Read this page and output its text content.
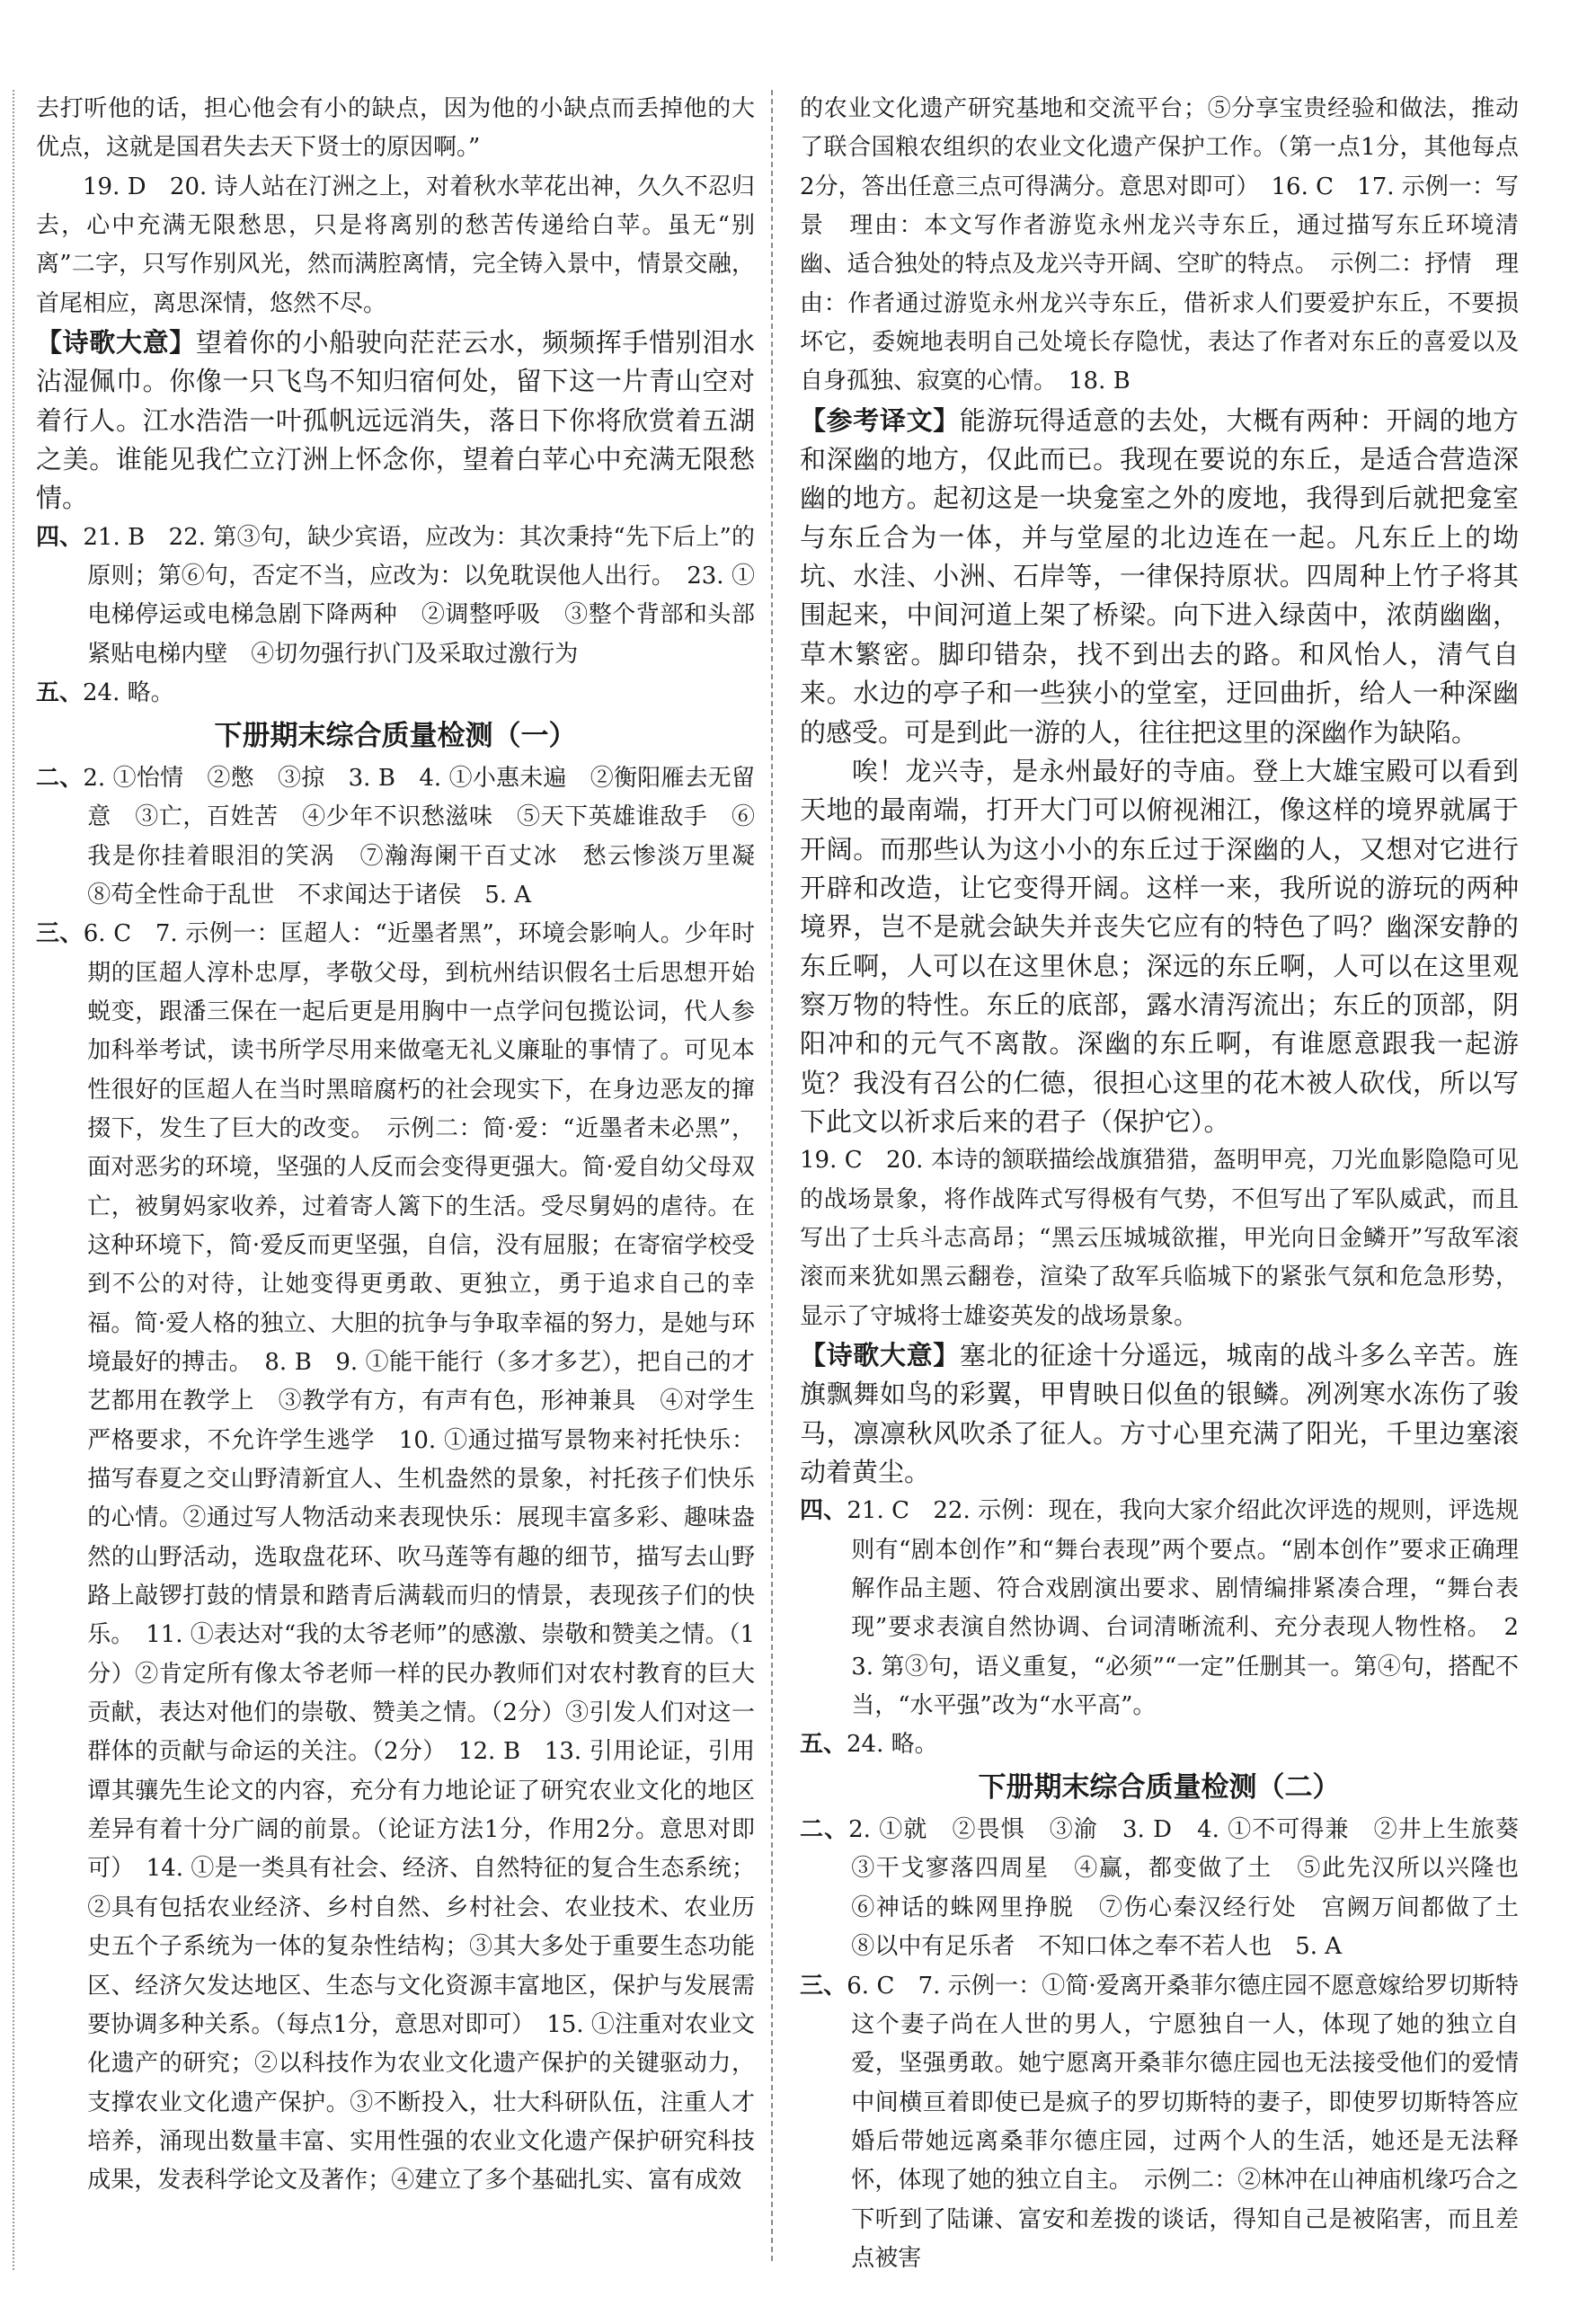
去打听他的话，担心他会有小的缺点，因为他的小缺点而丢掉他的大优点，这就是国君失去天下贤士的原因啊。”

19. D　20. 诗人站在汀洲之上，对着秋水苹花出神，久久不忍归去，心中充满无限愁思，只是将离别的愁苦传递给白苹。虽无“别离”二字，只写作别风光，然而满腔离情，完全铸入景中，情景交融，首尾相应，离思深情，悠然不尽。

【诗歌大意】望着你的小船驶向茫茫云水，频频挥手惜别泪水沾湿佩巾。你像一只飞鸟不知归宿何处，留下这一片青山空对着行人。江水浩浩一叶孤帆远远消失，落日下你将欣赏着五湖之美。谁能见我伫立汀洲上怀念你，望着白苹心中充满无限愁情。

四、21. B　22. 第③句，缺少宾语，应改为：其次秉持“先下后上”的原则；第⑥句，否定不当，应改为：以免耽误他人出行。　23. ①电梯停运或电梯急剧下降两种　②调整呼吸　③整个背部和头部紧贴电梯内壁　④切勿强行扒门及采取过激行为

五、24. 略。

下册期末综合质量检测（一）

二、2. ①怡情　②憋　③掠　3. B　4. ①小惠未遍　②衡阳雁去无留意　③亡，百姓苦　④少年不识愁滋味　⑤天下英雄谁敌手　⑥我是你挂着眼泪的笑涡　⑦瀚海阑干百丈冰　愁云惨淡万里凝　⑧苟全性命于乱世　不求闻达于诸侯　5. A

三、6. C　7. 示例一：匡超人：“近墨者黑”，环境会影响人。少年时期的匡超人淳朴忠厚，孝敬父母，到杭州结识假名士后思想开始蜕变，跟潘三保在一起后更是用胸中一点学问包揽讼词，代人参加科举考试，读书所学尽用来做毫无礼义廉耻的事情了。可见本性很好的匡超人在当时黑暗腐朽的社会现实下，在身边恶友的撺掇下，发生了巨大的改变。　示例二：简·爱：“近墨者未必黑”，面对恶劣的环境，坚强的人反而会变得更强大。简·爱自幼父母双亡，被舅妈家收养，过着寄人篱下的生活。受尽舅妈的虐待。在这种环境下，简·爱反而更坚强，自信，没有屈服；在寄宿学校受到不公的对待，让她变得更勇敢、更独立，勇于追求自己的幸福。简·爱人格的独立、大胆的抗争与争取幸福的努力，是她与环境最好的搏击。　8. B　9. ①能干能行（多才多艺），把自己的才艺都用在教学上　③教学有方，有声有色，形神兼具　④对学生严格要求，不允许学生逃学　10. ①通过描写景物来衬托快乐：描写春夏之交山野清新宜人、生机盎然的景象，衬托孩子们快乐的心情。②通过写人物活动来表现快乐：展现丰富多彩、趣味盎然的山野活动，选取盘花环、吹马莲等有趣的细节，描写去山野路上敲锣打鼓的情景和踏青后满载而归的情景，表现孩子们的快乐。　11. ①表达对“我的太爷老师”的感激、崇敬和赞美之情。（1分）②肯定所有像太爷老师一样的民办教师们对农村教育的巨大贡献，表达对他们的崇敬、赞美之情。（2分）③引发人们对这一群体的贡献与命运的关注。（2分）　12. B　13. 引用论证，引用谭其骧先生论文的内容，充分有力地论证了研究农业文化的地区差异有着十分广阔的前景。（论证方法1分，作用2分。意思对即可）　14. ①是一类具有社会、经济、自然特征的复合生态系统；②具有包括农业经济、乡村自然、乡村社会、农业技术、农业历史五个子系统为一体的复杂性结构；③其大多处于重要生态功能区、经济欠发达地区、生态与文化资源丰富地区，保护与发展需要协调多种关系。（每点1分，意思对即可）　15. ①注重对农业文化遗产的研究；②以科技作为农业文化遗产保护的关键驱动力，支撑农业文化遗产保护。③不断投入，壮大科研队伍，注重人才培养，涌现出数量丰富、实用性强的农业文化遗产保护研究科技成果，发表科学论文及著作；④建立了多个基础扎实、富有成效

的农业文化遗产研究基地和交流平台；⑤分享宝贵经验和做法，推动了联合国粮农组织的农业文化遗产保护工作。（第一点1分，其他每点2分，答出任意三点可得满分。意思对即可）　16. C　17. 示例一：写景　理由：本文写作者游览永州龙兴寺东丘，通过描写东丘环境清幽、适合独处的特点及龙兴寺开阔、空旷的特点。　示例二：抒情　理由：作者通过游览永州龙兴寺东丘，借祈求人们要爱护东丘，不要损坏它，委婉地表明自己处境长存隐忧，表达了作者对东丘的喜爱以及自身孤独、寂寞的心情。　18. B

【参考译文】能游玩得适意的去处，大概有两种：开阔的地方和深幽的地方，仅此而已。我现在要说的东丘，是适合营造深幽的地方。起初这是一块龛室之外的废地，我得到后就把龛室与东丘合为一体，并与堂屋的北边连在一起。凡东丘上的坳坑、水洼、小洲、石岸等，一律保持原状。四周种上竹子将其围起来，中间河道上架了桥梁。向下进入绿茵中，浓荫幽幽，草木繁密。脚印错杂，找不到出去的路。和风怡人，清气自来。水边的亭子和一些狭小的堂室，迂回曲折，给人一种深幽的感受。可是到此一游的人，往往把这里的深幽作为缺陷。

唉！龙兴寺，是永州最好的寺庙。登上大雄宝殿可以看到天地的最南端，打开大门可以俯视湘江，像这样的境界就属于开阔。而那些认为这小小的东丘过于深幽的人，又想对它进行开辟和改造，让它变得开阔。这样一来，我所说的游玩的两种境界，岂不是就会缺失并丧失它应有的特色了吗？幽深安静的东丘啊，人可以在这里休息；深远的东丘啊，人可以在这里观察万物的特性。东丘的底部，露水清泻流出；东丘的顶部，阴阳冲和的元气不离散。深幽的东丘啊，有谁愿意跟我一起游览？我没有召公的仁德，很担心这里的花木被人砍伐，所以写下此文以祈求后来的君子（保护它）。

19. C　20. 本诗的颔联描绘战旗猎猎，盔明甲亮，刀光血影隐隐可见的战场景象，将作战阵式写得极有气势，不但写出了军队威武，而且写出了士兵斗志高昂；“黑云压城城欲摧，甲光向日金鳞开”写敌军滚滚而来犹如黑云翻卷，渲染了敌军兵临城下的紧张气氛和危急形势，显示了守城将士雄姿英发的战场景象。

【诗歌大意】塞北的征途十分遥远，城南的战斗多么辛苦。旌旗飘舞如鸟的彩翼，甲胄映日似鱼的银鳞。冽冽寒水冻伤了骏马，凛凛秋风吹杀了征人。方寸心里充满了阳光，千里边塞滚动着黄尘。

四、21. C　22. 示例：现在，我向大家介绍此次评选的规则，评选规则有“剧本创作”和“舞台表现”两个要点。“剧本创作”要求正确理解作品主题、符合戏剧演出要求、剧情编排紧凑合理，“舞台表现”要求表演自然协调、台词清晰流利、充分表现人物性格。　23. 第③句，语义重复，“必须”“一定”任删其一。第④句，搭配不当，“水平强”改为“水平高”。

五、24. 略。

下册期末综合质量检测（二）

二、2. ①就　②畏惧　③渝　3. D　4. ①不可得兼　②井上生旅葵　③干戈寥落四周星　④赢，都变做了土　⑤此先汉所以兴隆也　⑥神话的蛛网里挣脱　⑦伤心秦汉经行处　宫阙万间都做了土　⑧以中有足乐者　不知口体之奉不若人也　5. A

三、6. C　7. 示例一：①简·爱离开桑菲尔德庄园不愿意嫁给罗切斯特这个妻子尚在人世的男人，宁愿独自一人，体现了她的独立自爱，坚强勇敢。她宁愿离开桑菲尔德庄园也无法接受他们的爱情中间横亘着即使已是疯子的罗切斯特的妻子，即使罗切斯特答应婚后带她远离桑菲尔德庄园，过两个人的生活，她还是无法释怀，体现了她的独立自主。　示例二：②林冲在山神庙机缘巧合之下听到了陆谦、富安和差拨的谈话，得知自己是被陷害，而且差点被害
